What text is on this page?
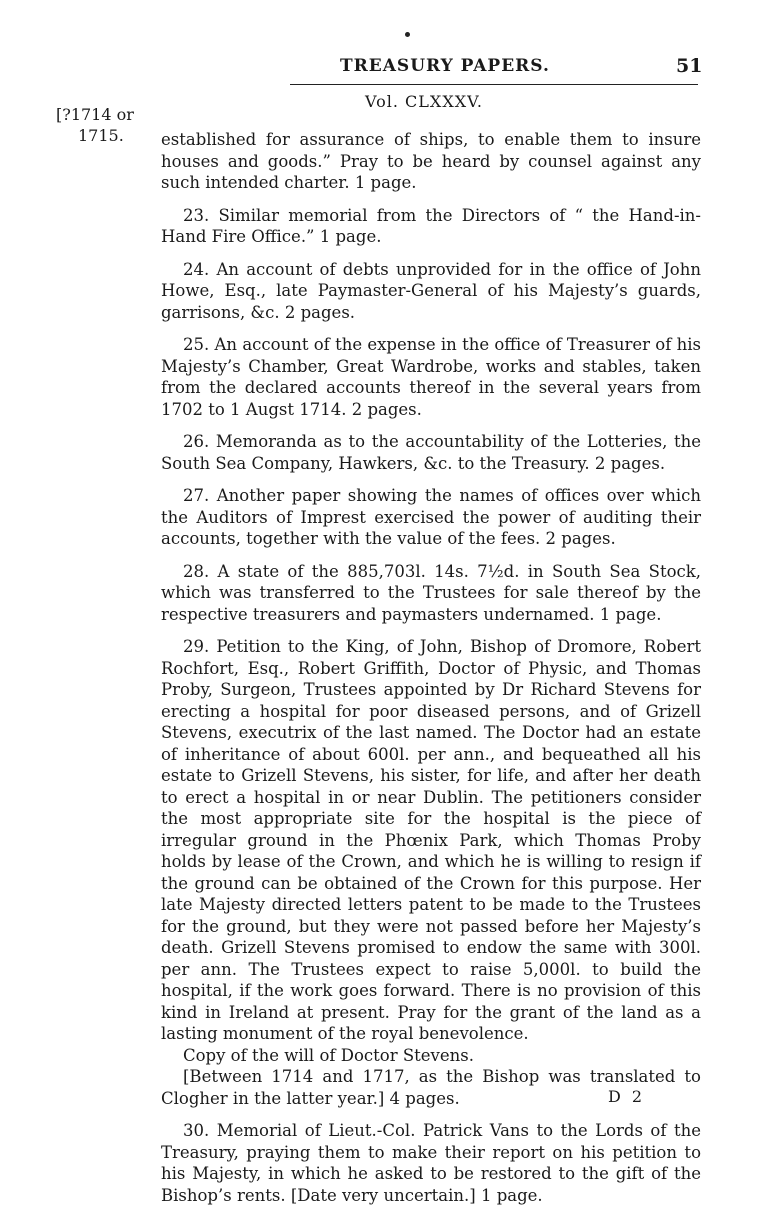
TREASURY PAPERS.	51
Vol. CLXXXV.
[?1714 or
1715.	established for assurance of ships, to enable them to insure houses and goods.” Pray to be heard by counsel against any such intended charter. 1 page.

23. Similar memorial from the Directors of “ the Hand-in-Hand Fire Office.” 1 page.

24. An account of debts unprovided for in the office of John Howe, Esq., late Paymaster-General of his Majesty’s guards, garrisons, &c. 2 pages.

25. An account of the expense in the office of Treasurer of his Majesty’s Chamber, Great Wardrobe, works and stables, taken from the declared accounts thereof in the several years from 1702 to 1 Augst 1714. 2 pages.

26. Memoranda as to the accountability of the Lotteries, the South Sea Company, Hawkers, &c. to the Treasury. 2 pages.

27. Another paper showing the names of offices over which the Auditors of Imprest exercised the power of auditing their accounts, together with the value of the fees. 2 pages.

28. A state of the 885,703l. 14s. 7½d. in South Sea Stock, which was transferred to the Trustees for sale thereof by the respective treasurers and paymasters undernamed. 1 page.

29. Petition to the King, of John, Bishop of Dromore, Robert Rochfort, Esq., Robert Griffith, Doctor of Physic, and Thomas Proby, Surgeon, Trustees appointed by Dr Richard Stevens for erecting a hospital for poor diseased persons, and of Grizell Stevens, executrix of the last named. The Doctor had an estate of inheritance of about 600l. per ann., and bequeathed all his estate to Grizell Stevens, his sister, for life, and after her death to erect a hospital in or near Dublin. The petitioners consider the most appropriate site for the hospital is the piece of irregular ground in the Phœnix Park, which Thomas Proby holds by lease of the Crown, and which he is willing to resign if the ground can be obtained of the Crown for this purpose. Her late Majesty directed letters patent to be made to the Trustees for the ground, but they were not passed before her Majesty’s death. Grizell Stevens promised to endow the same with 300l. per ann. The Trustees expect to raise 5,000l. to build the hospital, if the work goes forward. There is no provision of this kind in Ireland at present. Pray for the grant of the land as a lasting monument of the royal benevolence.

Copy of the will of Doctor Stevens.

[Between 1714 and 1717, as the Bishop was translated to Clogher in the latter year.] 4 pages.

30. Memorial of Lieut.-Col. Patrick Vans to the Lords of the Treasury, praying them to make their report on his petition to his Majesty, in which he asked to be restored to the gift of the Bishop’s rents. [Date very uncertain.] 1 page.

D 2
